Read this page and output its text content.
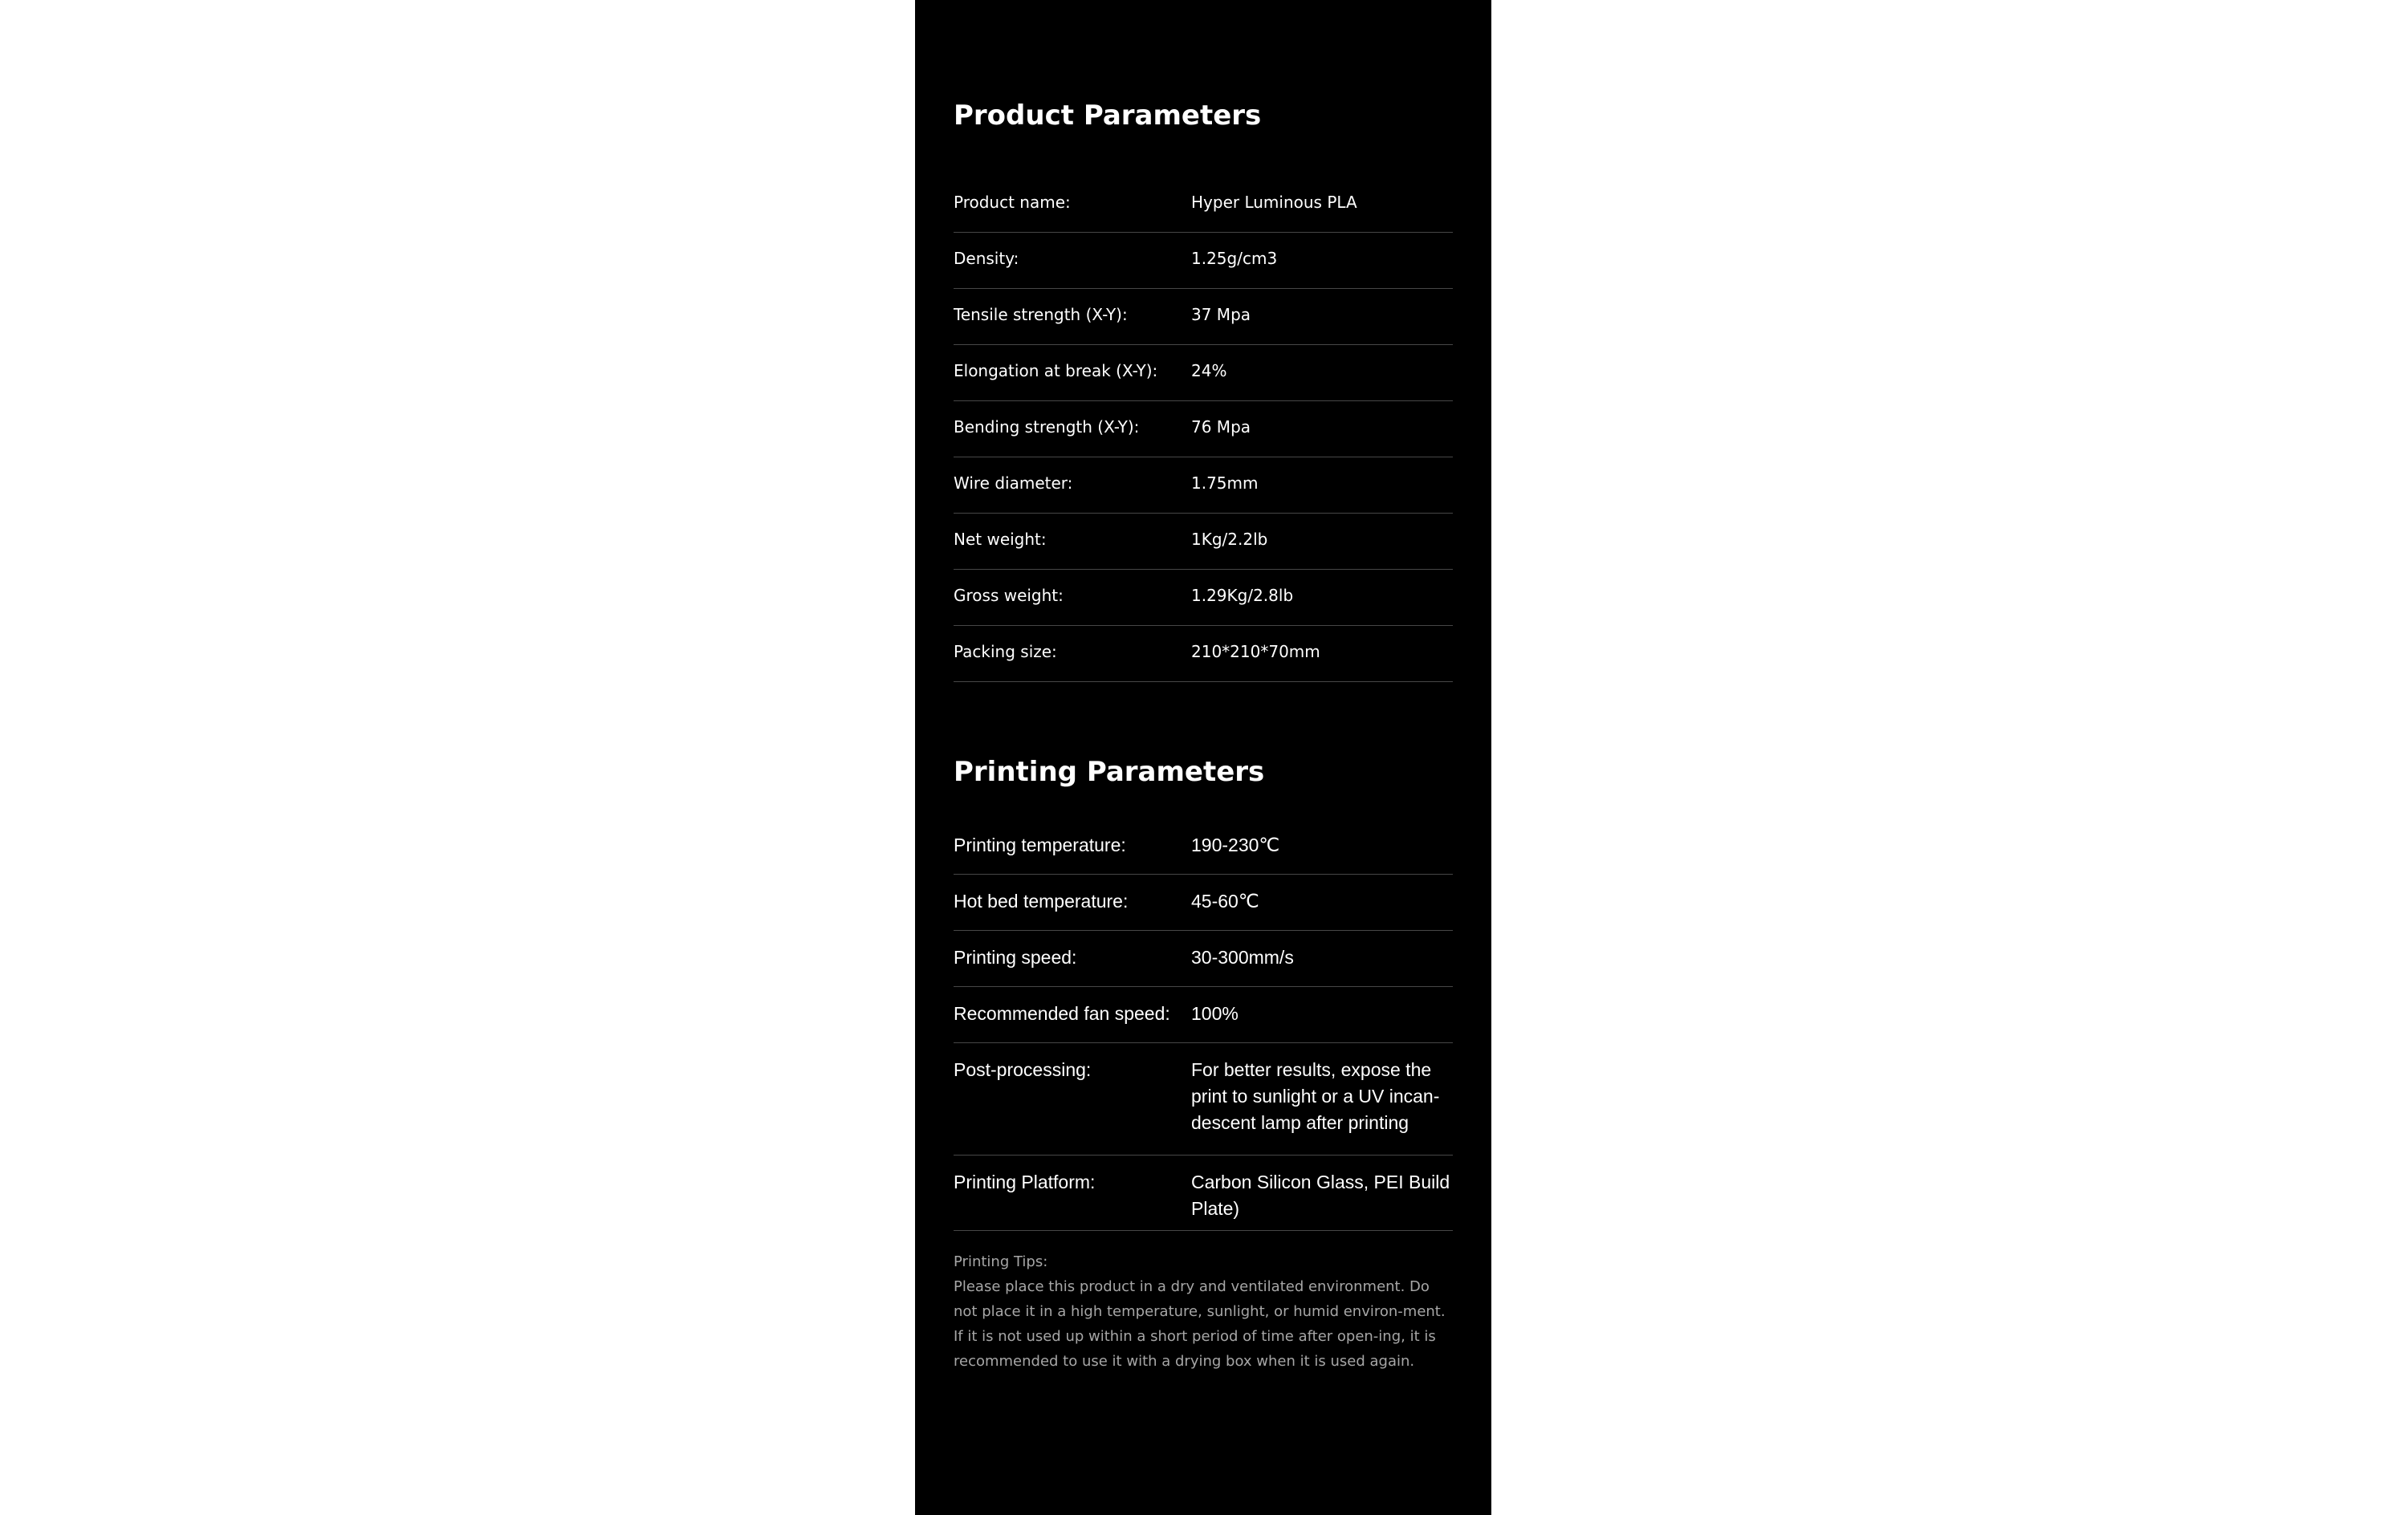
Product Parameters
Product name:	Hyper Luminous PLA
Density:	1.25g/cm3
Tensile strength (X-Y):	37 Mpa
Elongation at break (X-Y):	24%
Bending strength (X-Y):	76 Mpa
Wire diameter:	1.75mm
Net weight:	1Kg/2.2lb
Gross weight:	1.29Kg/2.8lb
Packing size:	210*210*70mm
Printing Parameters
Printing temperature:	190-230℃
Hot bed temperature:	45-60℃
Printing speed:	30-300mm/s
Recommended fan speed:	100%
Post-processing:	For better results, expose the print to sunlight or a UV incan-descent lamp after printing
Printing Platform:	Carbon Silicon Glass, PEI Build Plate)

Printing Tips:

Please place this product in a dry and ventilated environment. Do not place it in a high temperature, sunlight, or humid environ-ment. If it is not used up within a short period of time after open-ing, it is recommended to use it with a drying box when it is used again.
